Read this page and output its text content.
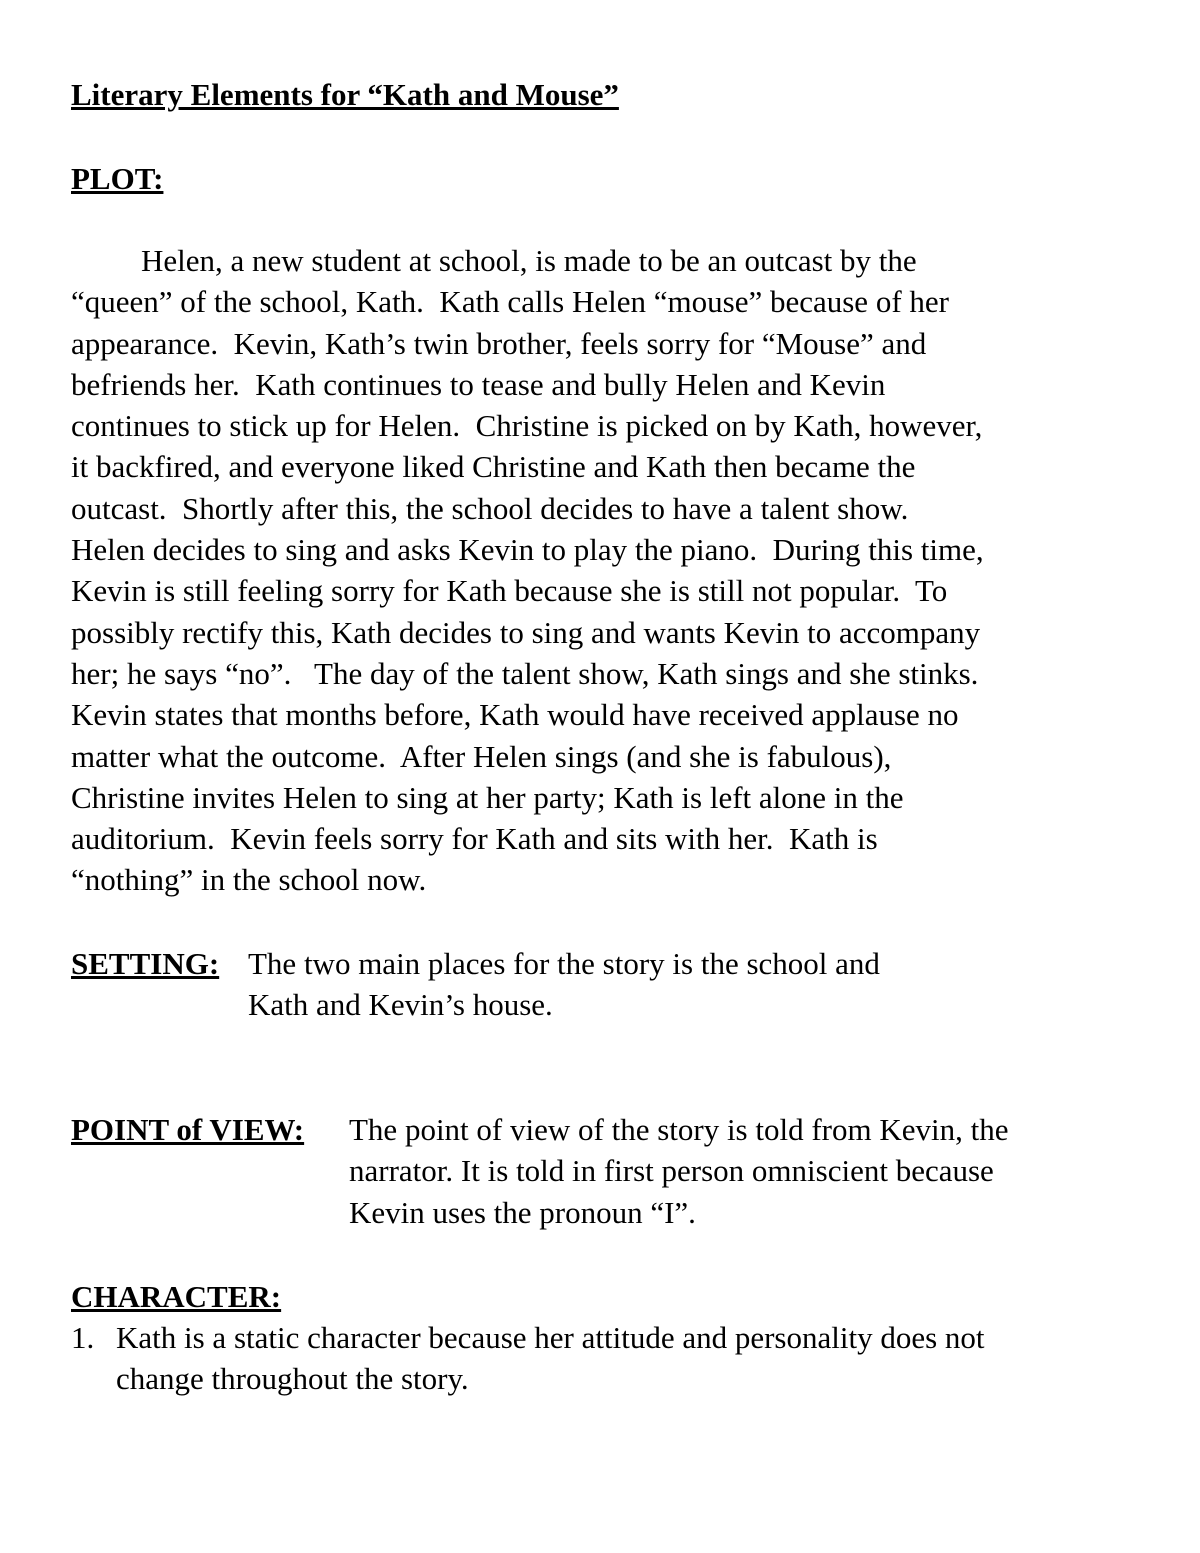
Literary Elements for “Kath and Mouse”
PLOT:
Helen, a new student at school, is made to be an outcast by the
“queen” of the school, Kath.  Kath calls Helen “mouse” because of her
appearance.  Kevin, Kath’s twin brother, feels sorry for “Mouse” and
befriends her.  Kath continues to tease and bully Helen and Kevin
continues to stick up for Helen.  Christine is picked on by Kath, however,
it backfired, and everyone liked Christine and Kath then became the
outcast.  Shortly after this, the school decides to have a talent show.
Helen decides to sing and asks Kevin to play the piano.  During this time,
Kevin is still feeling sorry for Kath because she is still not popular.  To
possibly rectify this, Kath decides to sing and wants Kevin to accompany
her; he says “no”.   The day of the talent show, Kath sings and she stinks.
Kevin states that months before, Kath would have received applause no
matter what the outcome.  After Helen sings (and she is fabulous),
Christine invites Helen to sing at her party; Kath is left alone in the
auditorium.  Kevin feels sorry for Kath and sits with her.  Kath is
“nothing” in the school now.
SETTING: The two main places for the story is the school and
Kath and Kevin’s house.
POINT of VIEW: The point of view of the story is told from Kevin, the
narrator. It is told in first person omniscient because
Kevin uses the pronoun “I”.
CHARACTER:
1. Kath is a static character because her attitude and personality does not
change throughout the story.
